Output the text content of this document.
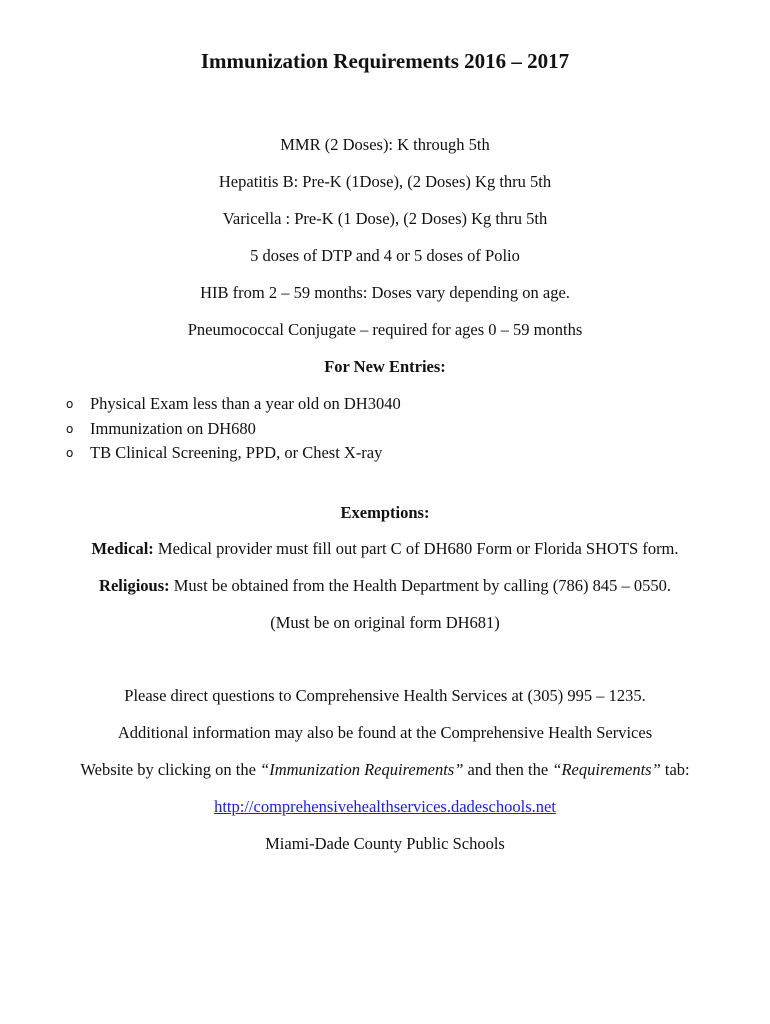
Immunization Requirements 2016 – 2017
MMR (2 Doses): K through 5th
Hepatitis B: Pre-K (1Dose), (2 Doses) Kg thru 5th
Varicella : Pre-K (1 Dose), (2 Doses) Kg thru 5th
5 doses of DTP and 4 or 5 doses of Polio
HIB from 2 – 59 months: Doses vary depending on age.
Pneumococcal Conjugate – required for ages 0 – 59 months
For New Entries:
o Physical Exam less than a year old on DH3040
o Immunization on DH680
o TB Clinical Screening, PPD, or Chest X-ray
Exemptions:
Medical: Medical provider must fill out part C of DH680 Form or Florida SHOTS form.
Religious: Must be obtained from the Health Department by calling (786) 845 – 0550.
(Must be on original form DH681)
Please direct questions to Comprehensive Health Services at (305) 995 – 1235.
Additional information may also be found at the Comprehensive Health Services
Website by clicking on the “Immunization Requirements” and then the “Requirements” tab:
http://comprehensivehealthservices.dadeschools.net
Miami-Dade County Public Schools
